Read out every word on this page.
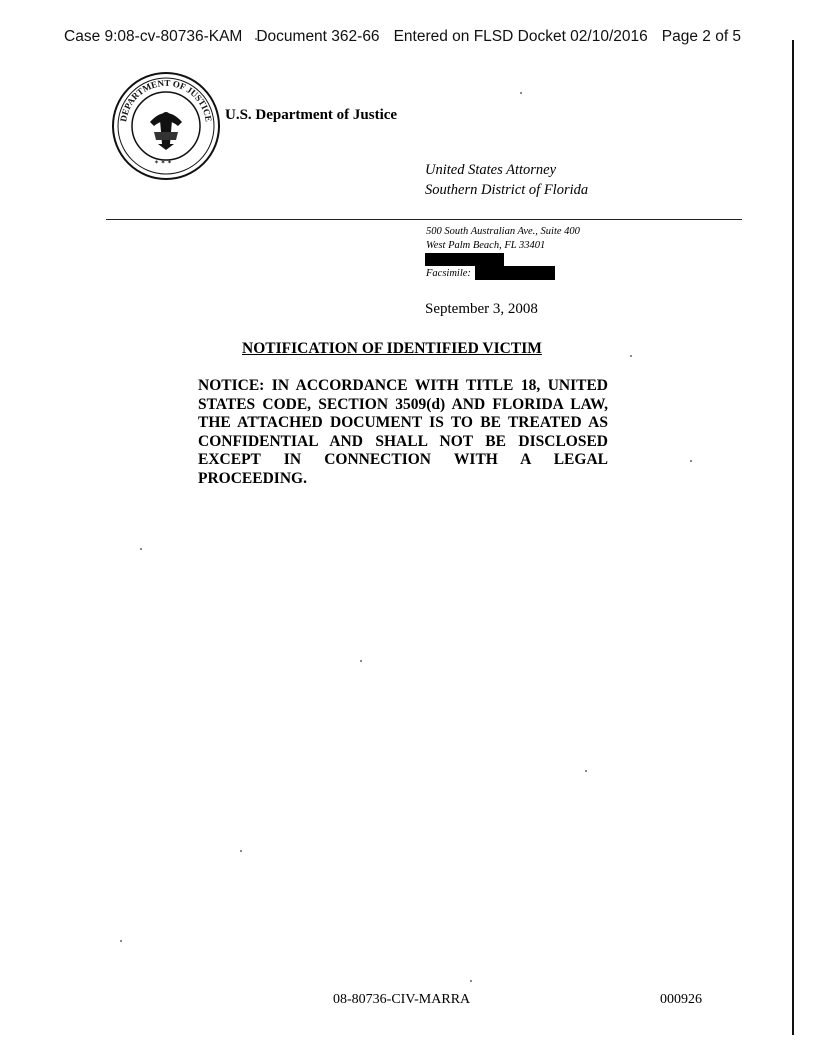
Case 9:08-cv-80736-KAM Document 362-66 Entered on FLSD Docket 02/10/2016 Page 2 of 5
DEPARTMENT OF JUSTICE
✶ ✶ ✶
U.S. Department of Justice
United States Attorney
Southern District of Florida
500 South Australian Ave., Suite 400
West Palm Beach, FL 33401
Facsimile:
September 3, 2008
NOTIFICATION OF IDENTIFIED VICTIM
NOTICE: IN ACCORDANCE WITH TITLE 18, UNITED STATES CODE, SECTION 3509(d) AND FLORIDA LAW, THE ATTACHED DOCUMENT IS TO BE TREATED AS CONFIDENTIAL AND SHALL NOT BE DISCLOSED EXCEPT IN CONNECTION WITH A LEGAL PROCEEDING.
08-80736-CIV-MARRA	000926
